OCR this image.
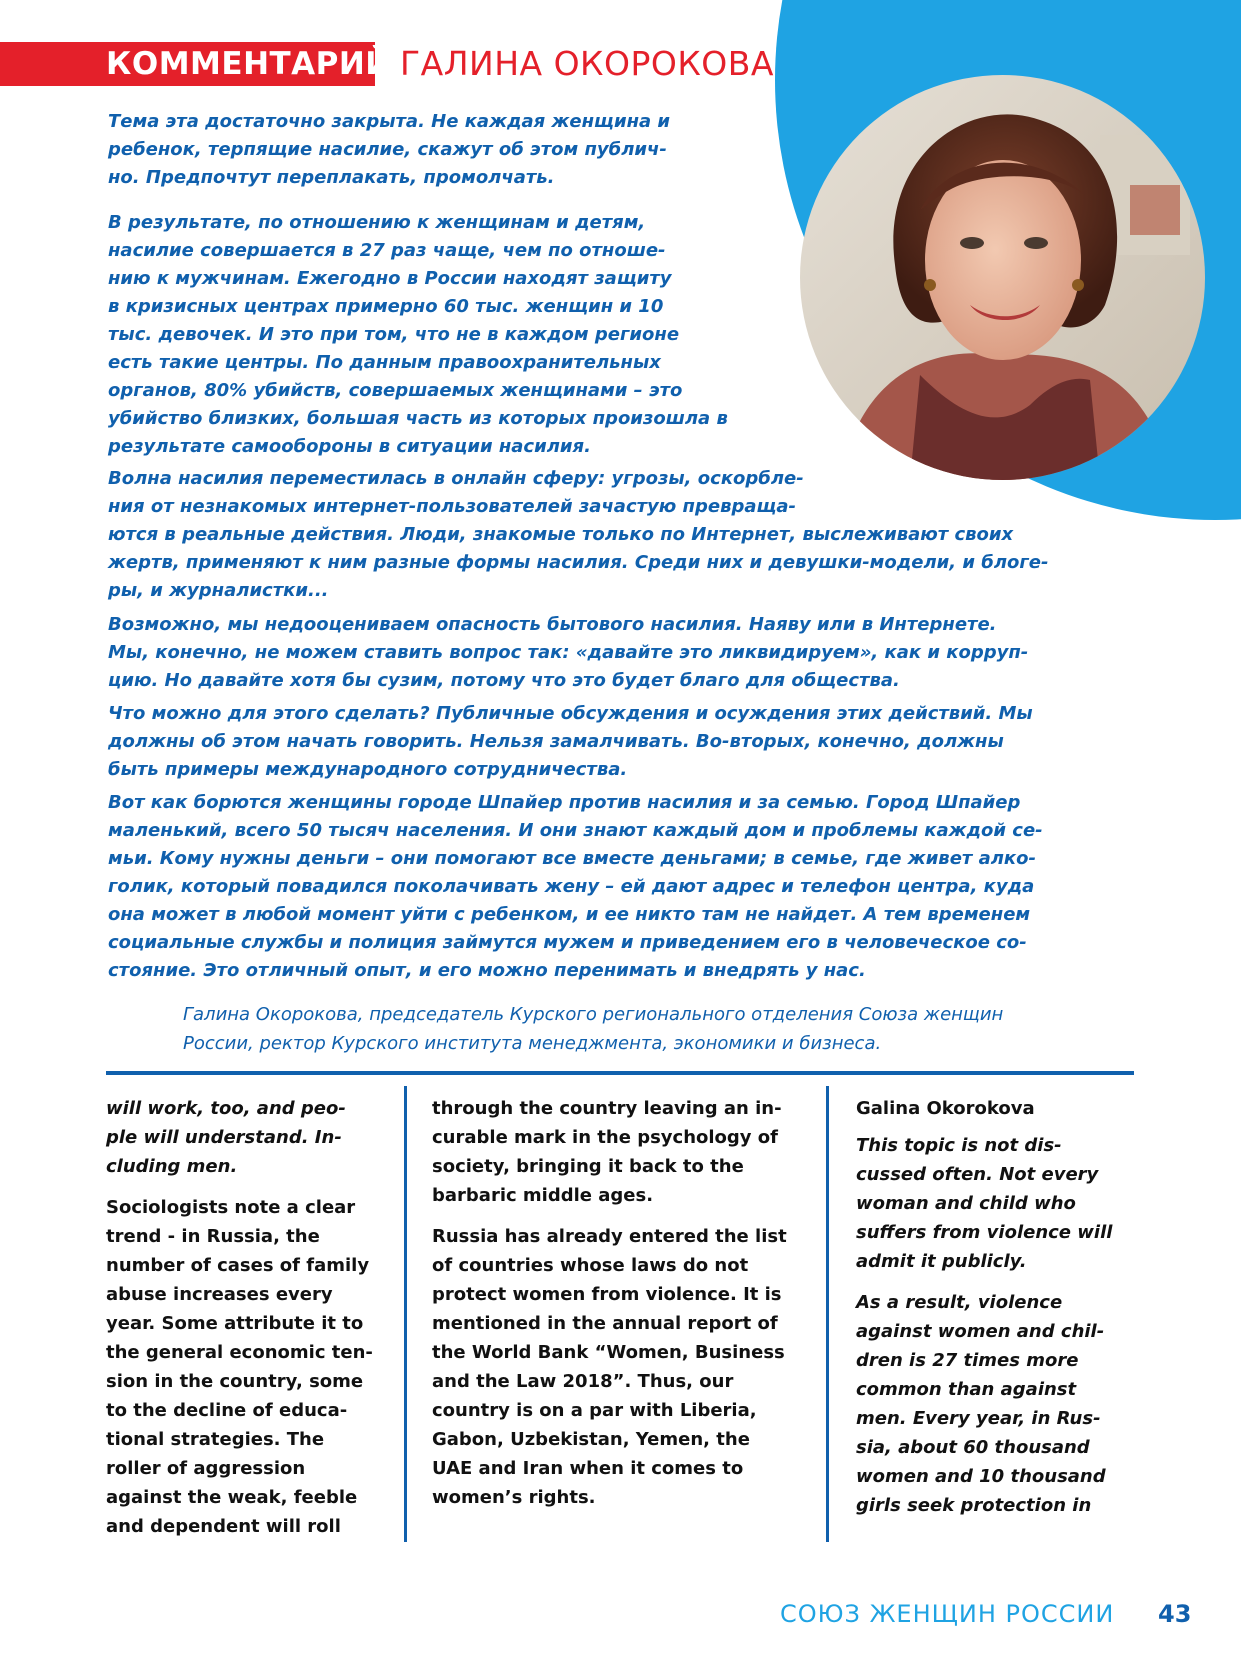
КОММЕНТАРИЙ ГАЛИНА ОКОРОКОВА

Тема эта достаточно закрыта. Не каждая женщина и
ребенок, терпящие насилие, скажут об этом публич-
но. Предпочтут переплакать, промолчать.

В результате, по отношению к женщинам и детям,
насилие совершается в 27 раз чаще, чем по отноше-
нию к мужчинам. Ежегодно в России находят защиту
в кризисных центрах примерно 60 тыс. женщин и 10
тыс. девочек. И это при том, что не в каждом регионе
есть такие центры. По данным правоохранительных
органов, 80% убийств, совершаемых женщинами – это
убийство близких, большая часть из которых произошла в
результате самообороны в ситуации насилия.

Волна насилия переместилась в онлайн сферу: угрозы, оскорбле-
ния от незнакомых интернет-пользователей зачастую превраща-
ются в реальные действия. Люди, знакомые только по Интернет, выслеживают своих
жертв, применяют к ним разные формы насилия. Среди них и девушки-модели, и блоге-
ры, и журналистки...

Возможно, мы недооцениваем опасность бытового насилия. Наяву или в Интернете.
Мы, конечно, не можем ставить вопрос так: «давайте это ликвидируем», как и корруп-
цию. Но давайте хотя бы сузим, потому что это будет благо для общества.

Что можно для этого сделать? Публичные обсуждения и осуждения этих действий. Мы
должны об этом начать говорить. Нельзя замалчивать. Во-вторых, конечно, должны
быть примеры международного сотрудничества.

Вот как борются женщины городе Шпайер против насилия и за семью. Город Шпайер
маленький, всего 50 тысяч населения. И они знают каждый дом и проблемы каждой се-
мьи. Кому нужны деньги – они помогают все вместе деньгами; в семье, где живет алко-
голик, который повадился поколачивать жену – ей дают адрес и телефон центра, куда
она может в любой момент уйти с ребенком, и ее никто там не найдет. А тем временем
социальные службы и полиция займутся мужем и приведением его в человеческое со-
стояние. Это отличный опыт, и его можно перенимать и внедрять у нас.

Галина Окорокова, председатель Курского регионального отделения Союза женщин
России, ректор Курского института менеджмента, экономики и бизнеса.

will work, too, and peo-
ple will understand. In-
cluding men.
Sociologists note a clear
trend - in Russia, the
number of cases of family
abuse increases every
year. Some attribute it to
the general economic ten-
sion in the country, some
to the decline of educa-
tional strategies. The
roller of aggression
against the weak, feeble
and dependent will roll
through the country leaving an in-
curable mark in the psychology of
society, bringing it back to the
barbaric middle ages.
Russia has already entered the list
of countries whose laws do not
protect women from violence. It is
mentioned in the annual report of
the World Bank “Women, Business
and the Law 2018”. Thus, our
country is on a par with Liberia,
Gabon, Uzbekistan, Yemen, the
UAE and Iran when it comes to
women’s rights.
Galina Okorokova
This topic is not dis-
cussed often. Not every
woman and child who
suffers from violence will
admit it publicly.
As a result, violence
against women and chil-
dren is 27 times more
common than against
men. Every year, in Rus-
sia, about 60 thousand
women and 10 thousand
girls seek protection in
СОЮЗ ЖЕНЩИН РОССИИ 43
